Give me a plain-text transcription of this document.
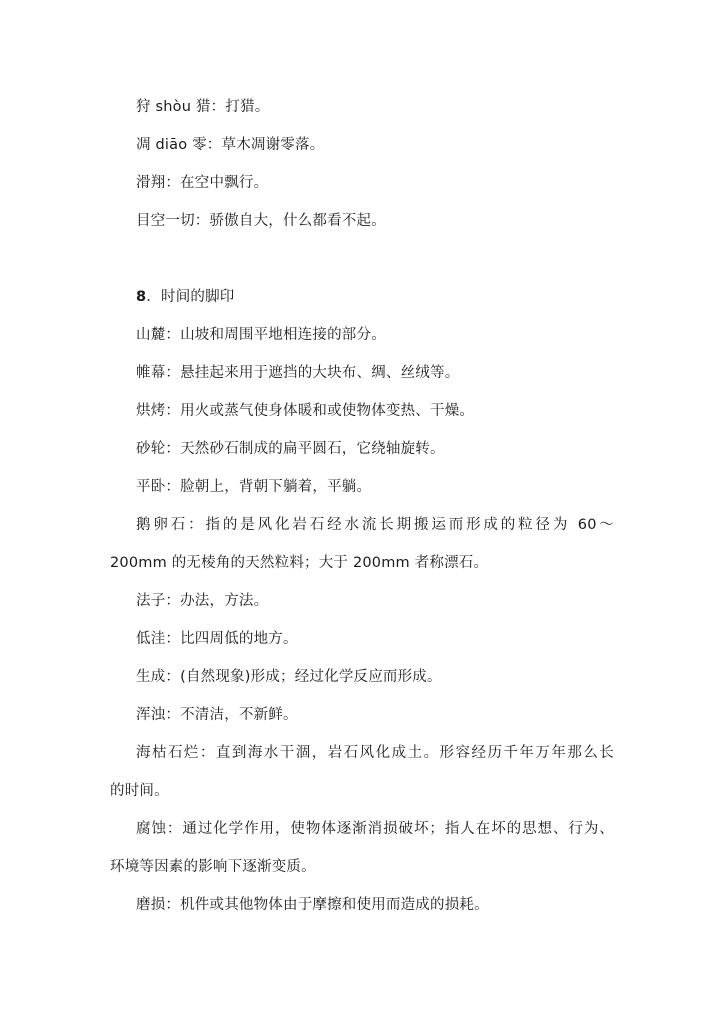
狩 shòu 猎：打猎。
凋 diāo 零：草木凋谢零落。
滑翔：在空中飘行。
目空一切：骄傲自大，什么都看不起。
8．时间的脚印
山麓：山坡和周围平地相连接的部分。
帷幕：悬挂起来用于遮挡的大块布、绸、丝绒等。
烘烤：用火或蒸气使身体暖和或使物体变热、干燥。
砂轮：天然砂石制成的扁平圆石，它绕轴旋转。
平卧：脸朝上，背朝下躺着，平躺。
鹅卵石：指的是风化岩石经水流长期搬运而形成的粒径为 60～
200mm 的无棱角的天然粒料；大于 200mm 者称漂石。
法子：办法，方法。
低洼：比四周低的地方。
生成：(自然现象)形成；经过化学反应而形成。
浑浊：不清洁，不新鲜。
海枯石烂：直到海水干涸，岩石风化成土。形容经历千年万年那么长
的时间。
腐蚀：通过化学作用，使物体逐渐消损破坏；指人在坏的思想、行为、
环境等因素的影响下逐渐变质。
磨损：机件或其他物体由于摩擦和使用而造成的损耗。
